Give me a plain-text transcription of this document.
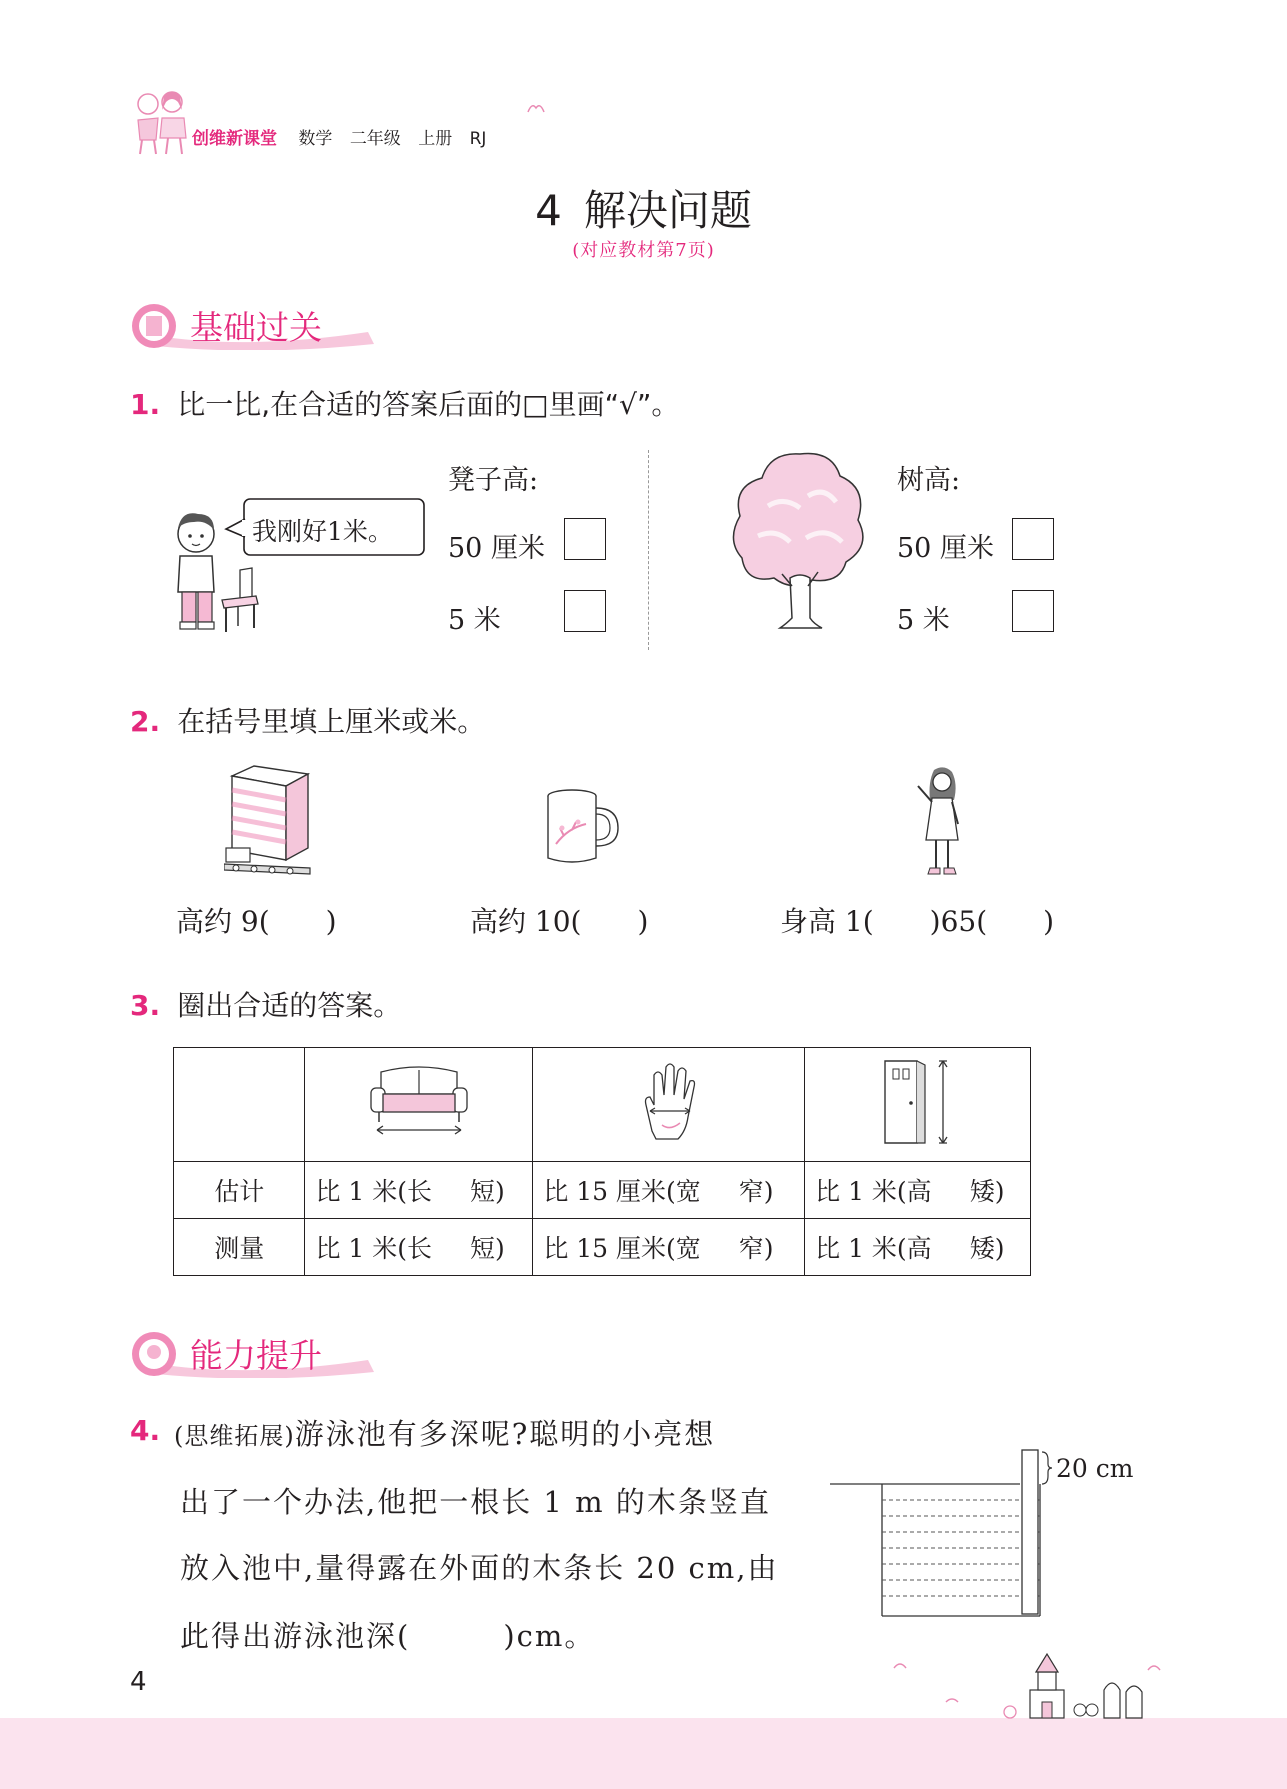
创维新课堂 数学 二年级 上册 RJ
4 解决问题
(对应教材第7页)
基础过关
1. 比一比,在合适的答案后面的□里画“√”。
我刚好1米。
凳子高:
50 厘米
5 米
树高:
50 厘米
5 米
2. 在括号里填上厘米或米。
高约 9(　　)	高约 10(　　)	身高 1(　　)65(　　)
3. 圈出合适的答案。

估计	比 1 米(长 短)	比 15 厘米(宽 窄)	比 1 米(高 矮)
测量	比 1 米(长 短)	比 15 厘米(宽 窄)	比 1 米(高 矮)
能力提升
4. (思维拓展)游泳池有多深呢?聪明的小亮想
出了一个办法,他把一根长 1 m 的木条竖直
放入池中,量得露在外面的木条长 20 cm,由
此得出游泳池深(　　　)cm。
20 cm
4
